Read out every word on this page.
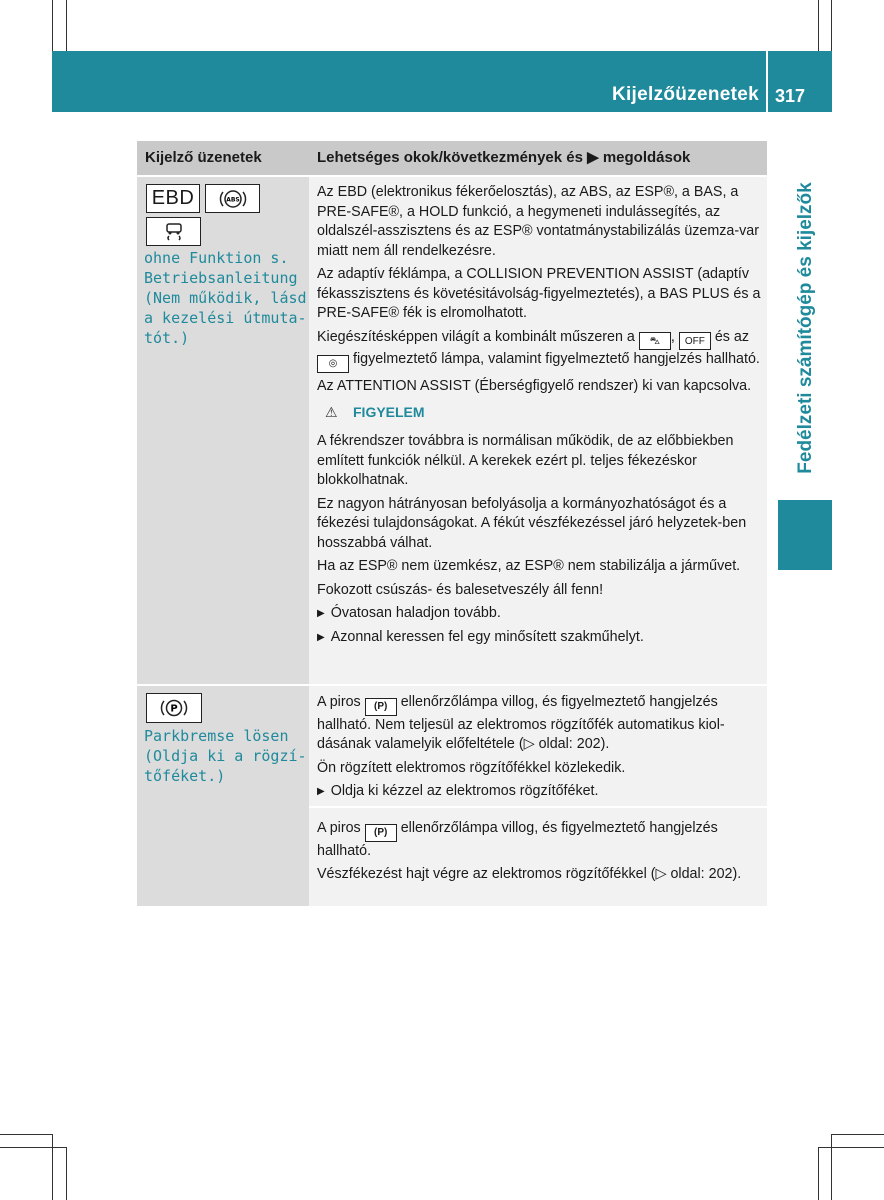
Kijelzőüzenetek 317
Fedélzeti számítógép és kijelzők
Kijelző üzenetek	Lehetséges okok/következmények és ▶ megoldások
EBD	ABS
ohne Funktion s.
Betriebsanleitung
(Nem működik, lásd
a kezelési útmuta-
tót.)

Az EBD (elektronikus fékerőelosztás), az ABS, az ESP®, a BAS, a PRE-SAFE®, a HOLD funkció, a hegymeneti indulássegítés, az oldalszél-asszisztens és az ESP® vontatmánystabilizálás üzemza-var miatt nem áll rendelkezésre.

Az adaptív féklámpa, a COLLISION PREVENTION ASSIST (adaptív fékasszisztens és követésitávolság-figyelmeztetés), a BAS PLUS és a PRE-SAFE® fék is elromolhatott.

Kiegészítésképpen világít a kombinált műszeren a ⛍ , OFF és az ◎ figyelmeztető lámpa, valamint figyelmeztető hangjelzés hallható.

Az ATTENTION ASSIST (Éberségfigyelő rendszer) ki van kapcsolva.

⚠ FIGYELEM

A fékrendszer továbbra is normálisan működik, de az előbbiekben említett funkciók nélkül. A kerekek ezért pl. teljes fékezéskor blokkolhatnak.

Ez nagyon hátrányosan befolyásolja a kormányozhatóságot és a fékezési tulajdonságokat. A fékút vészfékezéssel járó helyzetek-ben hosszabbá válhat.

Ha az ESP® nem üzemkész, az ESP® nem stabilizálja a járművet.

Fokozott csúszás- és balesetveszély áll fenn!

▶ Óvatosan haladjon tovább.

▶ Azonnal keressen fel egy minősített szakműhelyt.

P
Parkbremse lösen
(Oldja ki a rögzí-
tőféket.)

A piros (P) ellenőrzőlámpa villog, és figyelmeztető hangjelzés hallható. Nem teljesül az elektromos rögzítőfék automatikus kiol-dásának valamelyik előfeltétele (▷ oldal: 202).

Ön rögzített elektromos rögzítőfékkel közlekedik.

▶ Oldja ki kézzel az elektromos rögzítőféket.

A piros (P) ellenőrzőlámpa villog, és figyelmeztető hangjelzés hallható.

Vészfékezést hajt végre az elektromos rögzítőfékkel (▷ oldal: 202).
